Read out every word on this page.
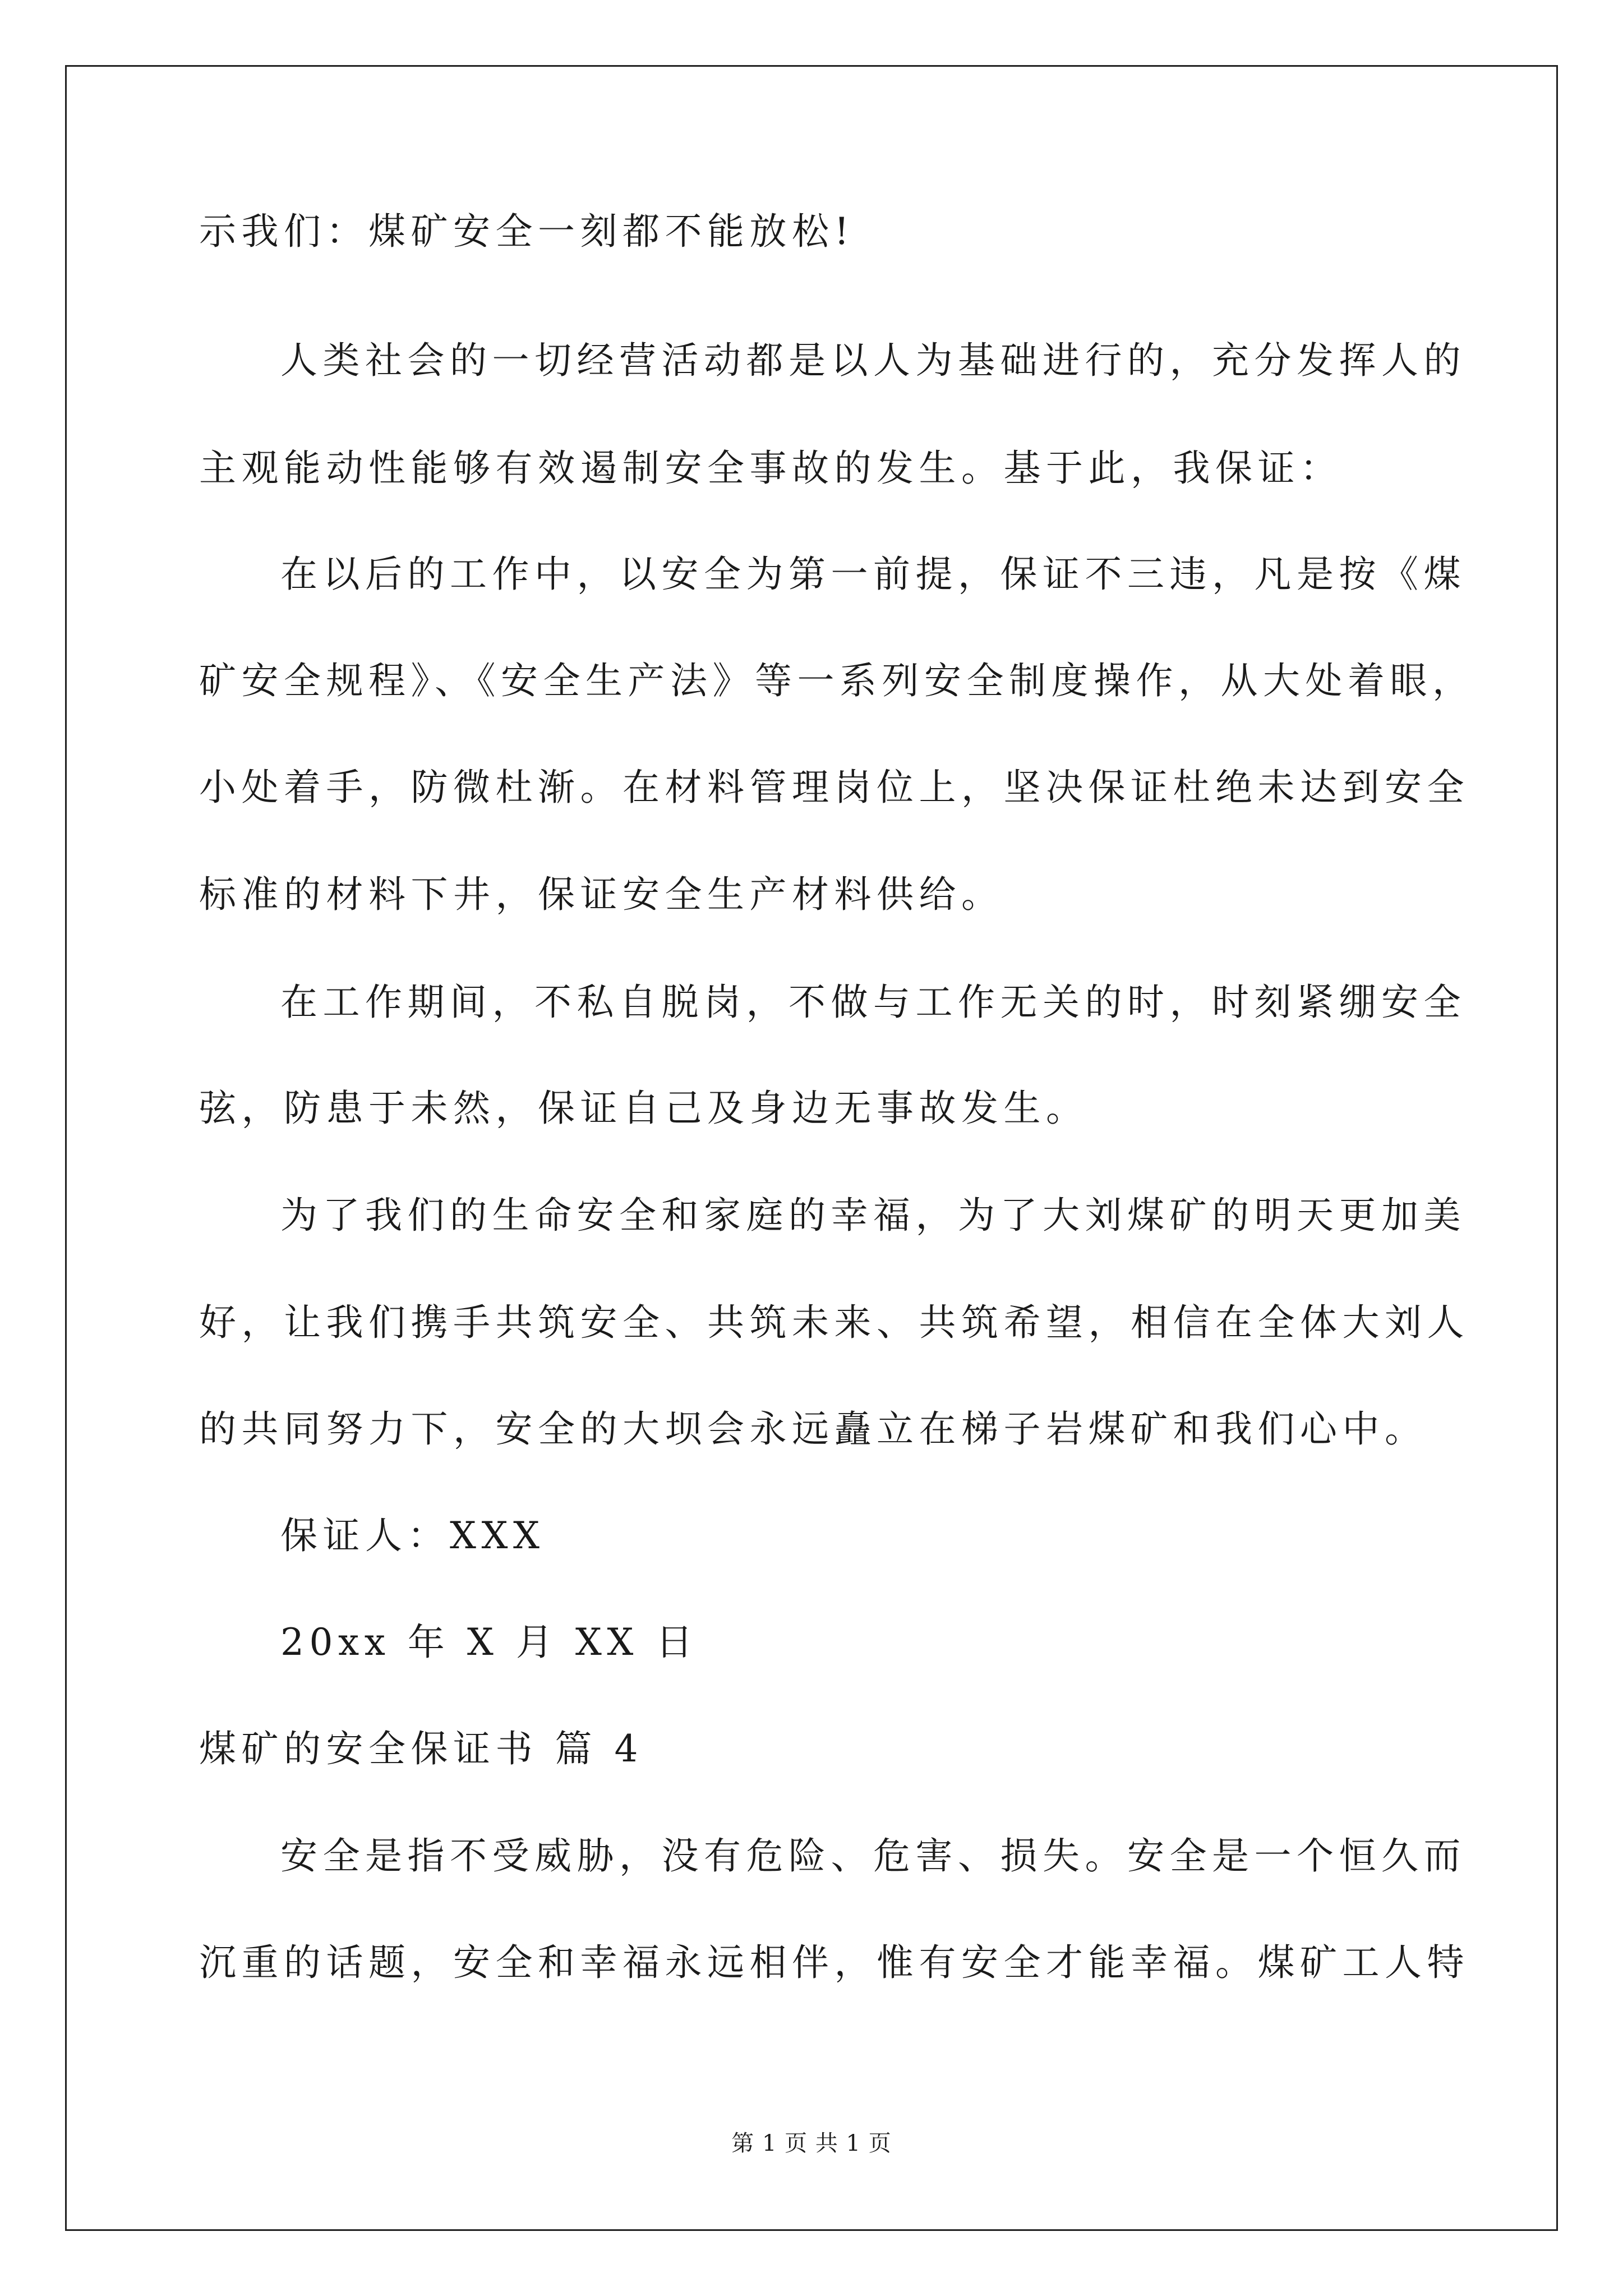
示我们：煤矿安全一刻都不能放松!
人类社会的一切经营活动都是以人为基础进行的，充分发挥人的
主观能动性能够有效遏制安全事故的发生。基于此，我保证：
在以后的工作中，以安全为第一前提，保证不三违，凡是按《煤
矿安全规程》、《安全生产法》等一系列安全制度操作，从大处着眼，
小处着手，防微杜渐。在材料管理岗位上，坚决保证杜绝未达到安全
标准的材料下井，保证安全生产材料供给。
在工作期间，不私自脱岗，不做与工作无关的时，时刻紧绷安全
弦，防患于未然，保证自己及身边无事故发生。
为了我们的生命安全和家庭的幸福，为了大刘煤矿的明天更加美
好，让我们携手共筑安全、共筑未来、共筑希望，相信在全体大刘人
的共同努力下，安全的大坝会永远矗立在梯子岩煤矿和我们心中。
保证人：XXX
20xx 年 X 月 XX 日
煤矿的安全保证书 篇 4
安全是指不受威胁，没有危险、危害、损失。安全是一个恒久而
沉重的话题，安全和幸福永远相伴，惟有安全才能幸福。煤矿工人特
第 1 页 共 1 页
